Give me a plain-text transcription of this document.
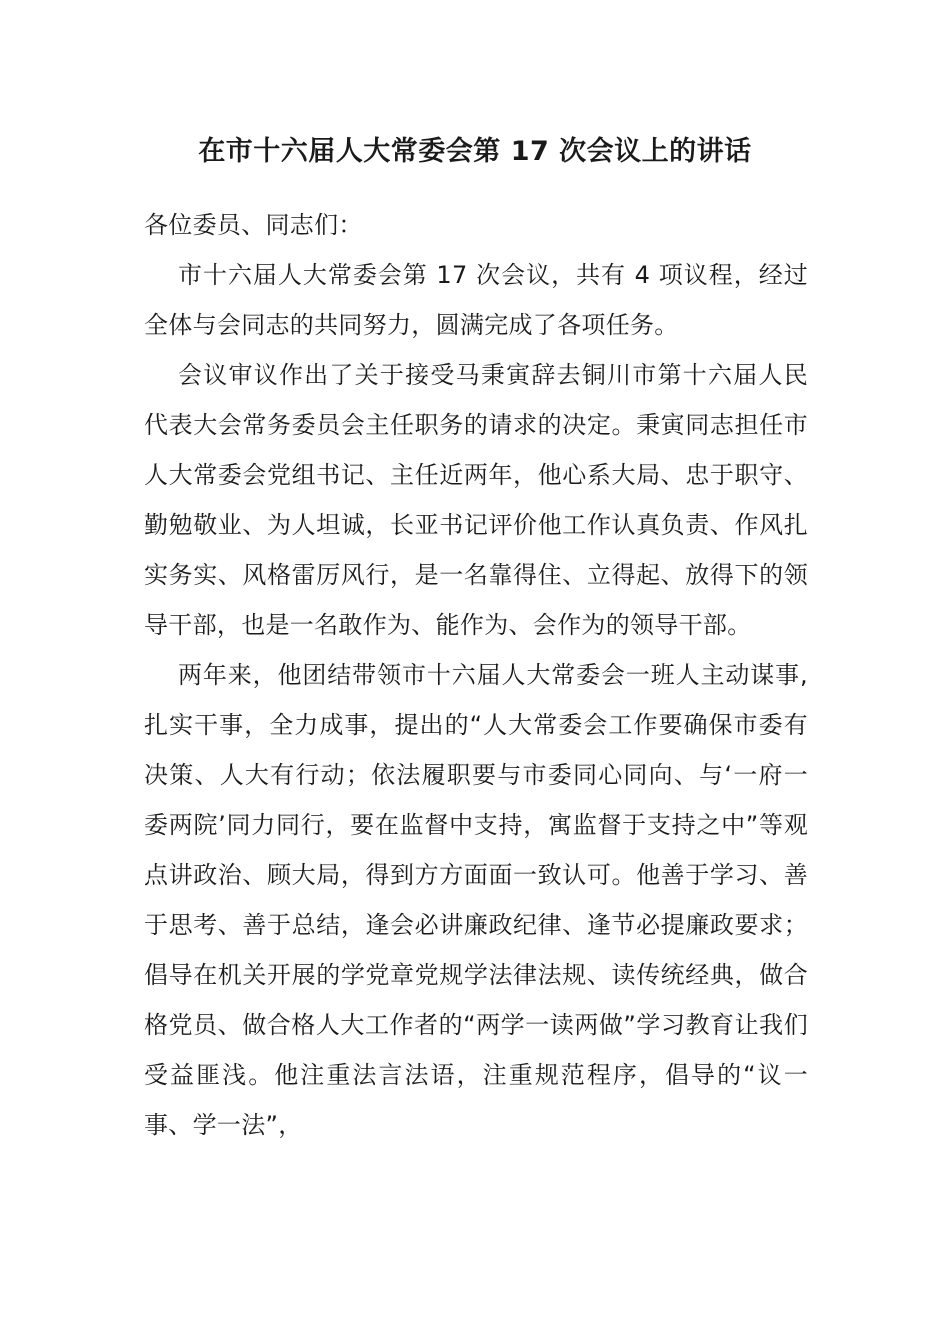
在市十六届人大常委会第 17 次会议上的讲话

各位委员、同志们：

市十六届人大常委会第 17 次会议，共有 4 项议程，经过全体与会同志的共同努力，圆满完成了各项任务。

会议审议作出了关于接受马秉寅辞去铜川市第十六届人民代表大会常务委员会主任职务的请求的决定。秉寅同志担任市人大常委会党组书记、主任近两年，他心系大局、忠于职守、勤勉敬业、为人坦诚，长亚书记评价他工作认真负责、作风扎实务实、风格雷厉风行，是一名靠得住、立得起、放得下的领导干部，也是一名敢作为、能作为、会作为的领导干部。

两年来，他团结带领市十六届人大常委会一班人主动谋事,扎实干事，全力成事，提出的“人大常委会工作要确保市委有决策、人大有行动；依法履职要与市委同心同向、与‘一府一委两院’同力同行，要在监督中支持，寓监督于支持之中”等观点讲政治、顾大局，得到方方面面一致认可。他善于学习、善于思考、善于总结，逢会必讲廉政纪律、逢节必提廉政要求；倡导在机关开展的学党章党规学法律法规、读传统经典，做合格党员、做合格人大工作者的“两学一读两做”学习教育让我们受益匪浅。他注重法言法语，注重规范程序，倡导的“议一事、学一法”，
